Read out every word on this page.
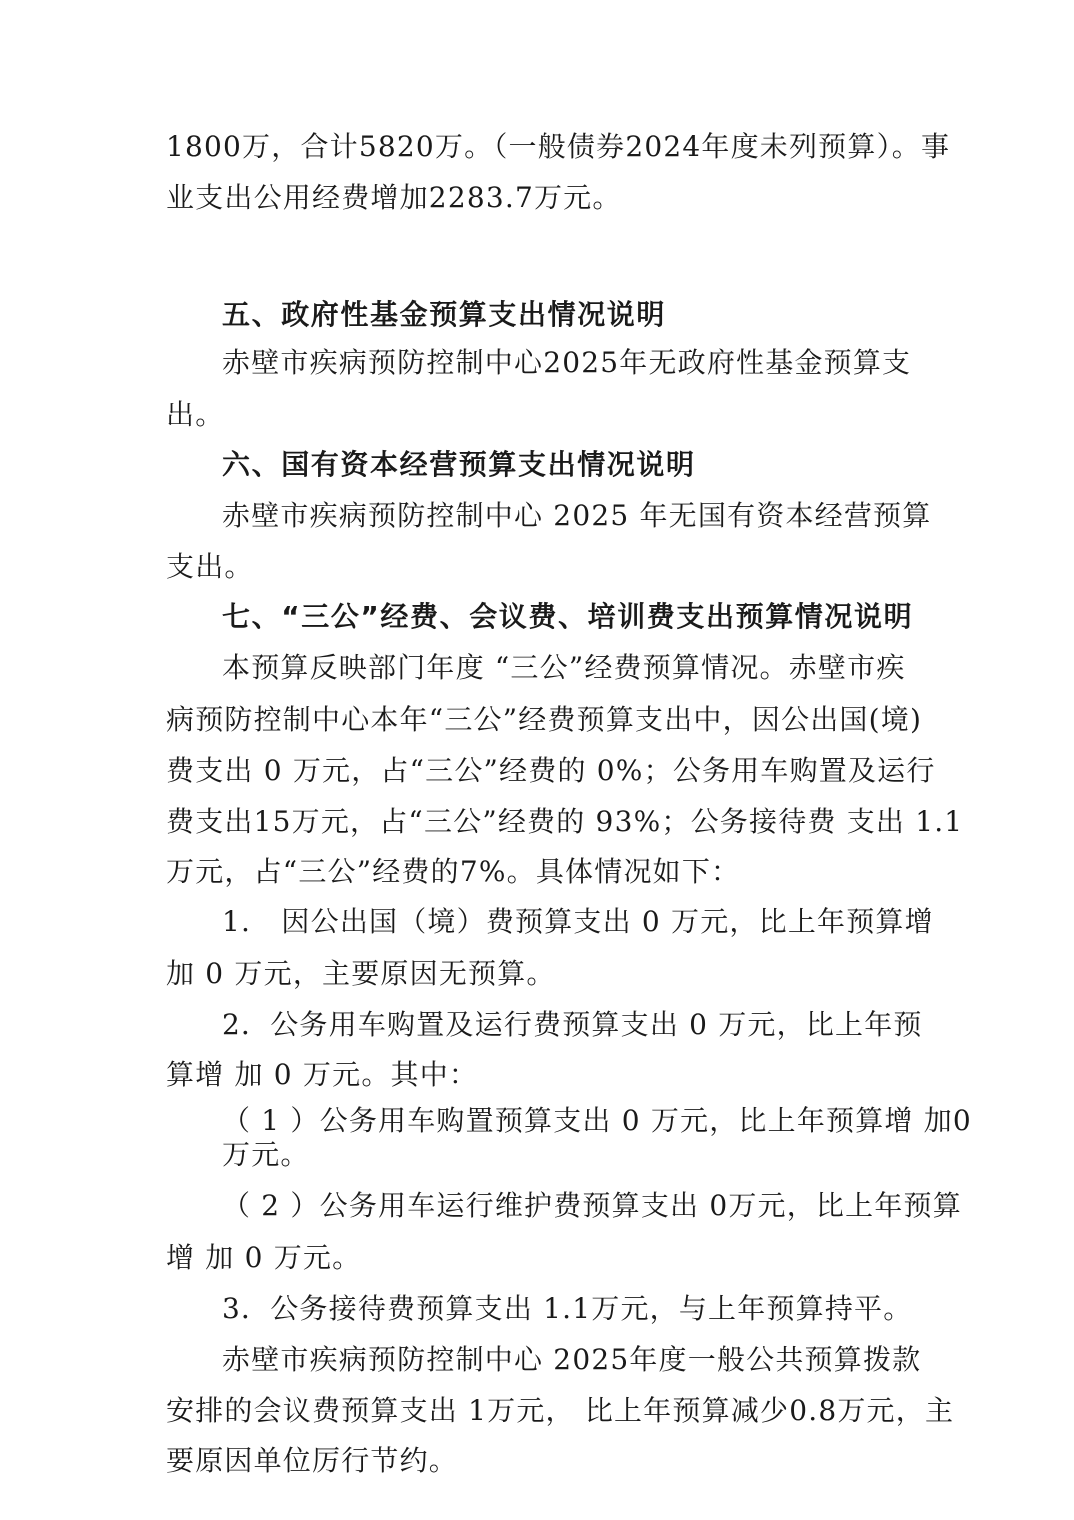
1800万，合计5820万。（一般债券2024年度未列预算）。事
业支出公用经费增加2283.7万元。
五、政府性基金预算支出情况说明
赤壁市疾病预防控制中心2025年无政府性基金预算支
出。
六、国有资本经营预算支出情况说明
赤壁市疾病预防控制中心 2025 年无国有资本经营预算
支出。
七、“三公”经费、会议费、培训费支出预算情况说明
本预算反映部门年度 “三公”经费预算情况。赤壁市疾
病预防控制中心本年“三公”经费预算支出中，因公出国(境)
费支出 0 万元，占“三公”经费的 0%；公务用车购置及运行
费支出15万元，占“三公”经费的 93%；公务接待费 支出 1.1
万元，占“三公”经费的7%。具体情况如下：
1.   因公出国（境）费预算支出 0 万元，比上年预算增
加 0 万元，主要原因无预算。
2．公务用车购置及运行费预算支出 0 万元，比上年预
算增 加 0 万元。其中：
（ 1 ）公务用车购置预算支出 0 万元，比上年预算增 加0
万元。
（ 2 ）公务用车运行维护费预算支出 0万元，比上年预算
增 加 0 万元。
3．公务接待费预算支出 1.1万元，与上年预算持平。
赤壁市疾病预防控制中心 2025年度一般公共预算拨款
安排的会议费预算支出 1万元， 比上年预算减少0.8万元，主
要原因单位厉行节约。
